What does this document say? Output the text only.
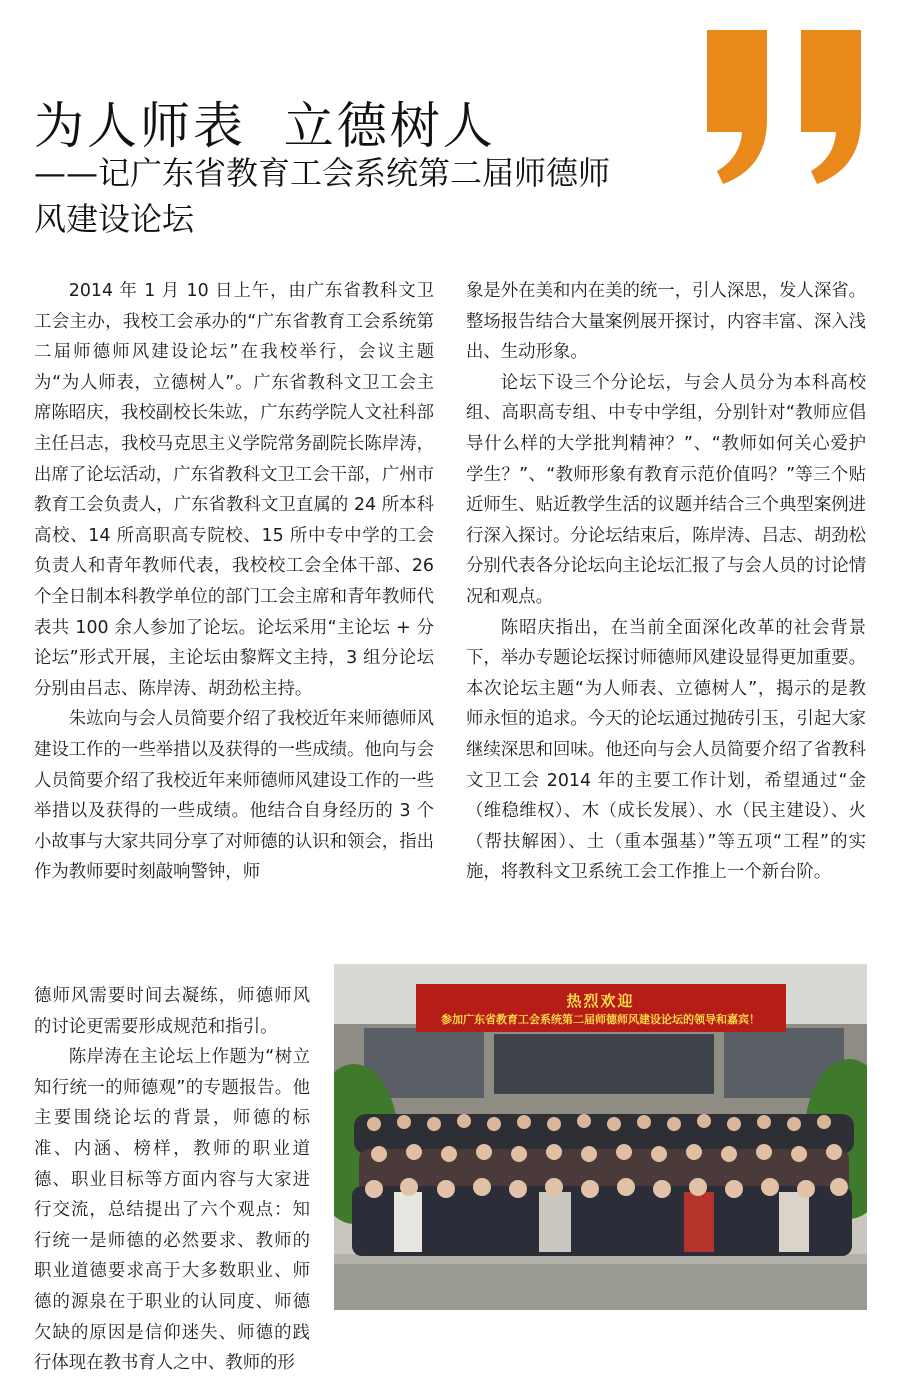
为人师表  立德树人
——记广东省教育工会系统第二届师德师风建设论坛

2014 年 1 月 10 日上午，由广东省教科文卫工会主办，我校工会承办的“广东省教育工会系统第二届师德师风建设论坛”在我校举行，会议主题为“为人师表，立德树人”。广东省教科文卫工会主席陈昭庆，我校副校长朱竑，广东药学院人文社科部主任吕志，我校马克思主义学院常务副院长陈岸涛，出席了论坛活动，广东省教科文卫工会干部，广州市教育工会负责人，广东省教科文卫直属的 24 所本科高校、14 所高职高专院校、15 所中专中学的工会负责人和青年教师代表，我校校工会全体干部、26 个全日制本科教学单位的部门工会主席和青年教师代表共 100 余人参加了论坛。论坛采用“主论坛 + 分论坛”形式开展，主论坛由黎辉文主持，3 组分论坛分别由吕志、陈岸涛、胡劲松主持。

朱竑向与会人员简要介绍了我校近年来师德师风建设工作的一些举措以及获得的一些成绩。他向与会人员简要介绍了我校近年来师德师风建设工作的一些举措以及获得的一些成绩。他结合自身经历的 3 个小故事与大家共同分享了对师德的认识和领会，指出作为教师要时刻敲响警钟，师

德师风需要时间去凝练，师德师风的讨论更需要形成规范和指引。

陈岸涛在主论坛上作题为“树立知行统一的师德观”的专题报告。他主要围绕论坛的背景，师德的标准、内涵、榜样，教师的职业道德、职业目标等方面内容与大家进行交流，总结提出了六个观点：知行统一是师德的必然要求、教师的职业道德要求高于大多数职业、师德的源泉在于职业的认同度、师德欠缺的原因是信仰迷失、师德的践行体现在教书育人之中、教师的形

象是外在美和内在美的统一，引人深思，发人深省。整场报告结合大量案例展开探讨，内容丰富、深入浅出、生动形象。

论坛下设三个分论坛，与会人员分为本科高校组、高职高专组、中专中学组，分别针对“教师应倡导什么样的大学批判精神？”、“教师如何关心爱护学生？”、“教师形象有教育示范价值吗？”等三个贴近师生、贴近教学生活的议题并结合三个典型案例进行深入探讨。分论坛结束后，陈岸涛、吕志、胡劲松分别代表各分论坛向主论坛汇报了与会人员的讨论情况和观点。

陈昭庆指出，在当前全面深化改革的社会背景下，举办专题论坛探讨师德师风建设显得更加重要。本次论坛主题“为人师表、立德树人”，揭示的是教师永恒的追求。今天的论坛通过抛砖引玉，引起大家继续深思和回味。他还向与会人员简要介绍了省教科文卫工会 2014 年的主要工作计划，希望通过“金（维稳维权）、木（成长发展）、水（民主建设）、火（帮扶解困）、土（重本强基）”等五项“工程”的实施，将教科文卫系统工会工作推上一个新台阶。

热烈欢迎
参加广东省教育工会系统第二届师德师风建设论坛的领导和嘉宾！
